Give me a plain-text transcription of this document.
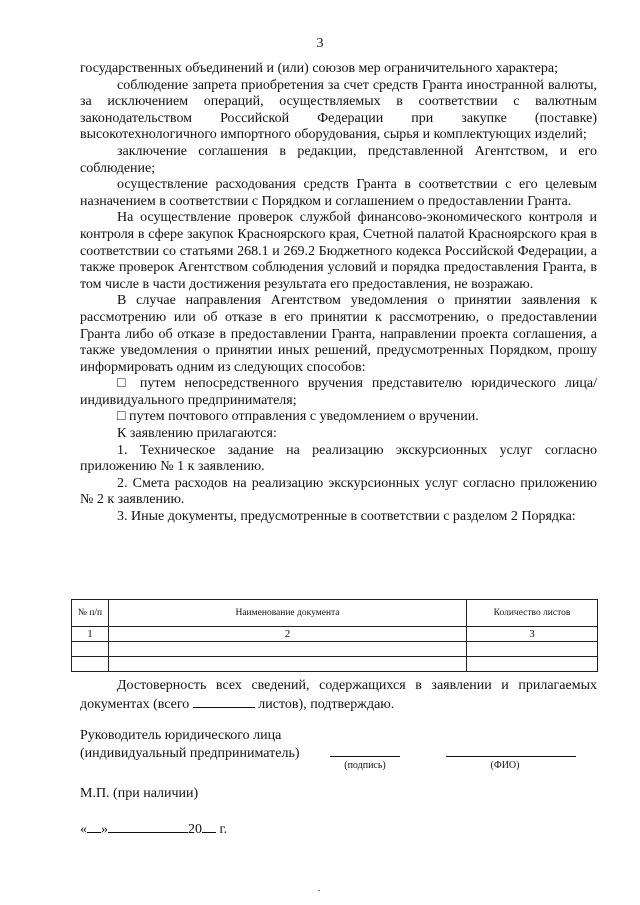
3

государственных объединений и (или) союзов мер ограничительного характера;

соблюдение запрета приобретения за счет средств Гранта иностранной валюты, за исключением операций, осуществляемых в соответствии с валютным законодательством Российской Федерации при закупке (поставке) высокотехнологичного импортного оборудования, сырья и комплектующих изделий;

заключение соглашения в редакции, представленной Агентством, и его соблюдение;

осуществление расходования средств Гранта в соответствии с его целевым назначением в соответствии с Порядком и соглашением о предоставлении Гранта.

На осуществление проверок службой финансово-экономического контроля и контроля в сфере закупок Красноярского края, Счетной палатой Красноярского края в соответствии со статьями 268.1 и 269.2 Бюджетного кодекса Российской Федерации, а также проверок Агентством соблюдения условий и порядка предоставления Гранта, в том числе в части достижения результата его предоставления, не возражаю.

В случае направления Агентством уведомления о принятии заявления к рассмотрению или об отказе в его принятии к рассмотрению, о предоставлении Гранта либо об отказе в предоставлении Гранта, направлении проекта соглашения, а также уведомления о принятии иных решений, предусмотренных Порядком, прошу информировать одним из следующих способов:

□ путем непосредственного вручения представителю юридического лица/ индивидуального предпринимателя;

□ путем почтового отправления с уведомлением о вручении.

К заявлению прилагаются:

1. Техническое задание на реализацию экскурсионных услуг согласно приложению № 1 к заявлению.

2. Смета расходов на реализацию экскурсионных услуг согласно приложению № 2 к заявлению.

3. Иные документы, предусмотренные в соответствии с разделом 2 Порядка:

№ п/п	Наименование документа	Количество листов
1	2	3

Достоверность всех сведений, содержащихся в заявлении и прилагаемых документах (всего	листов), подтверждаю.
Руководитель юридического лица
(индивидуальный предприниматель)
(подпись)	(ФИО)
М.П. (при наличии)
« »	20 г.
